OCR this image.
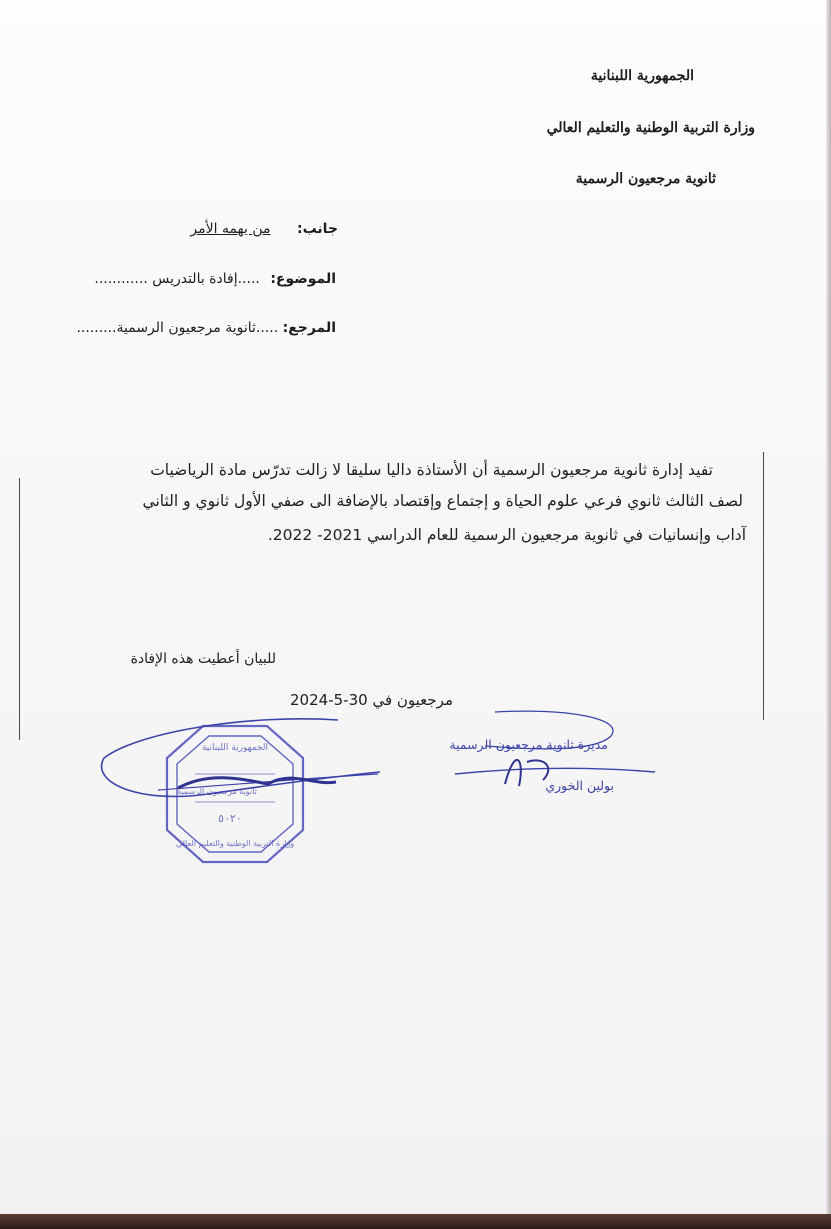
الجمهورية اللبنانية
وزارة التربية الوطنية والتعليم العالي
ثانوية مرجعيون الرسمية
جانب: من يهمه الأمر
الموضوع: .....إفادة بالتدريس ............
المرجع: .....ثانوية مرجعيون الرسمية.........
تفيد إدارة ثانوية مرجعيون الرسمية أن الأستاذة داليا سليقا لا زالت تدرّس مادة الرياضيات
لصف الثالث ثانوي فرعي علوم الحياة و إجتماع وإقتصاد بالإضافة الى صفي الأول ثانوي و الثاني
آداب وإنسانيات في ثانوية مرجعيون الرسمية للعام الدراسي 2021- 2022.
للبيان أعطيت هذه الإفادة
مرجعيون في 30-5-2024
الجمهورية اللبنانية
وزارة التربية الوطنية والتعليم العالي
ثانوية مرجعيون الرسمية
٥٠٢٠
مديرة ثانوية مرجعيون الرسمية
بولين الخوري
